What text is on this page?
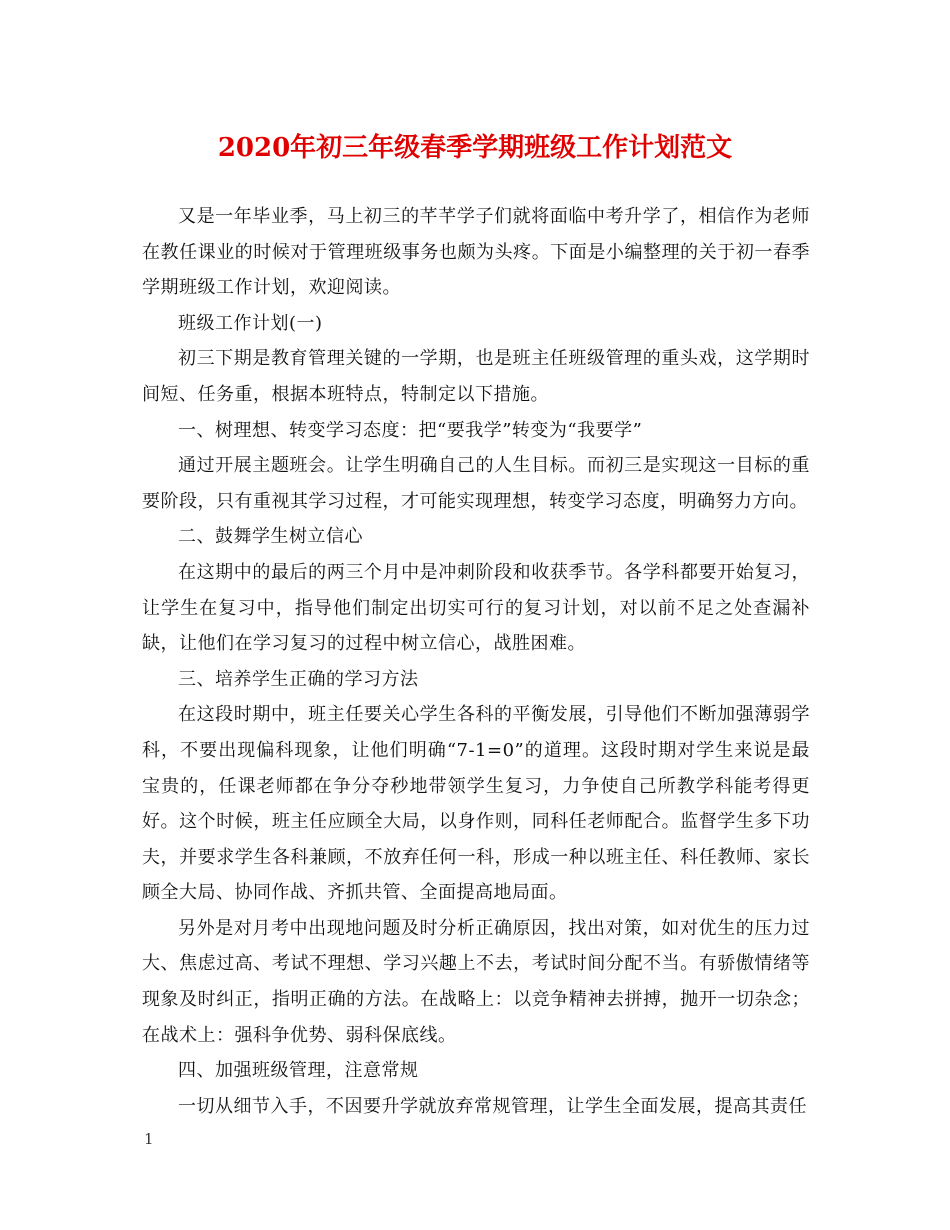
2020年初三年级春季学期班级工作计划范文

又是一年毕业季，马上初三的芊芊学子们就将面临中考升学了，相信作为老师在教任课业的时候对于管理班级事务也颇为头疼。下面是小编整理的关于初一春季学期班级工作计划，欢迎阅读。

班级工作计划(一)

初三下期是教育管理关键的一学期，也是班主任班级管理的重头戏，这学期时间短、任务重，根据本班特点，特制定以下措施。

一、树理想、转变学习态度：把“要我学”转变为“我要学”

通过开展主题班会。让学生明确自己的人生目标。而初三是实现这一目标的重要阶段，只有重视其学习过程，才可能实现理想，转变学习态度，明确努力方向。

二、鼓舞学生树立信心

在这期中的最后的两三个月中是冲刺阶段和收获季节。各学科都要开始复习，让学生在复习中，指导他们制定出切实可行的复习计划，对以前不足之处查漏补缺，让他们在学习复习的过程中树立信心，战胜困难。

三、培养学生正确的学习方法

在这段时期中，班主任要关心学生各科的平衡发展，引导他们不断加强薄弱学科，不要出现偏科现象，让他们明确“7-1=0”的道理。这段时期对学生来说是最宝贵的，任课老师都在争分夺秒地带领学生复习，力争使自己所教学科能考得更好。这个时候，班主任应顾全大局，以身作则，同科任老师配合。监督学生多下功夫，并要求学生各科兼顾，不放弃任何一科，形成一种以班主任、科任教师、家长顾全大局、协同作战、齐抓共管、全面提高地局面。

另外是对月考中出现地问题及时分析正确原因，找出对策，如对优生的压力过大、焦虑过高、考试不理想、学习兴趣上不去，考试时间分配不当。有骄傲情绪等现象及时纠正，指明正确的方法。在战略上：以竞争精神去拼搏，抛开一切杂念；在战术上：强科争优势、弱科保底线。

四、加强班级管理，注意常规

一切从细节入手，不因要升学就放弃常规管理，让学生全面发展，提高其责任

1
